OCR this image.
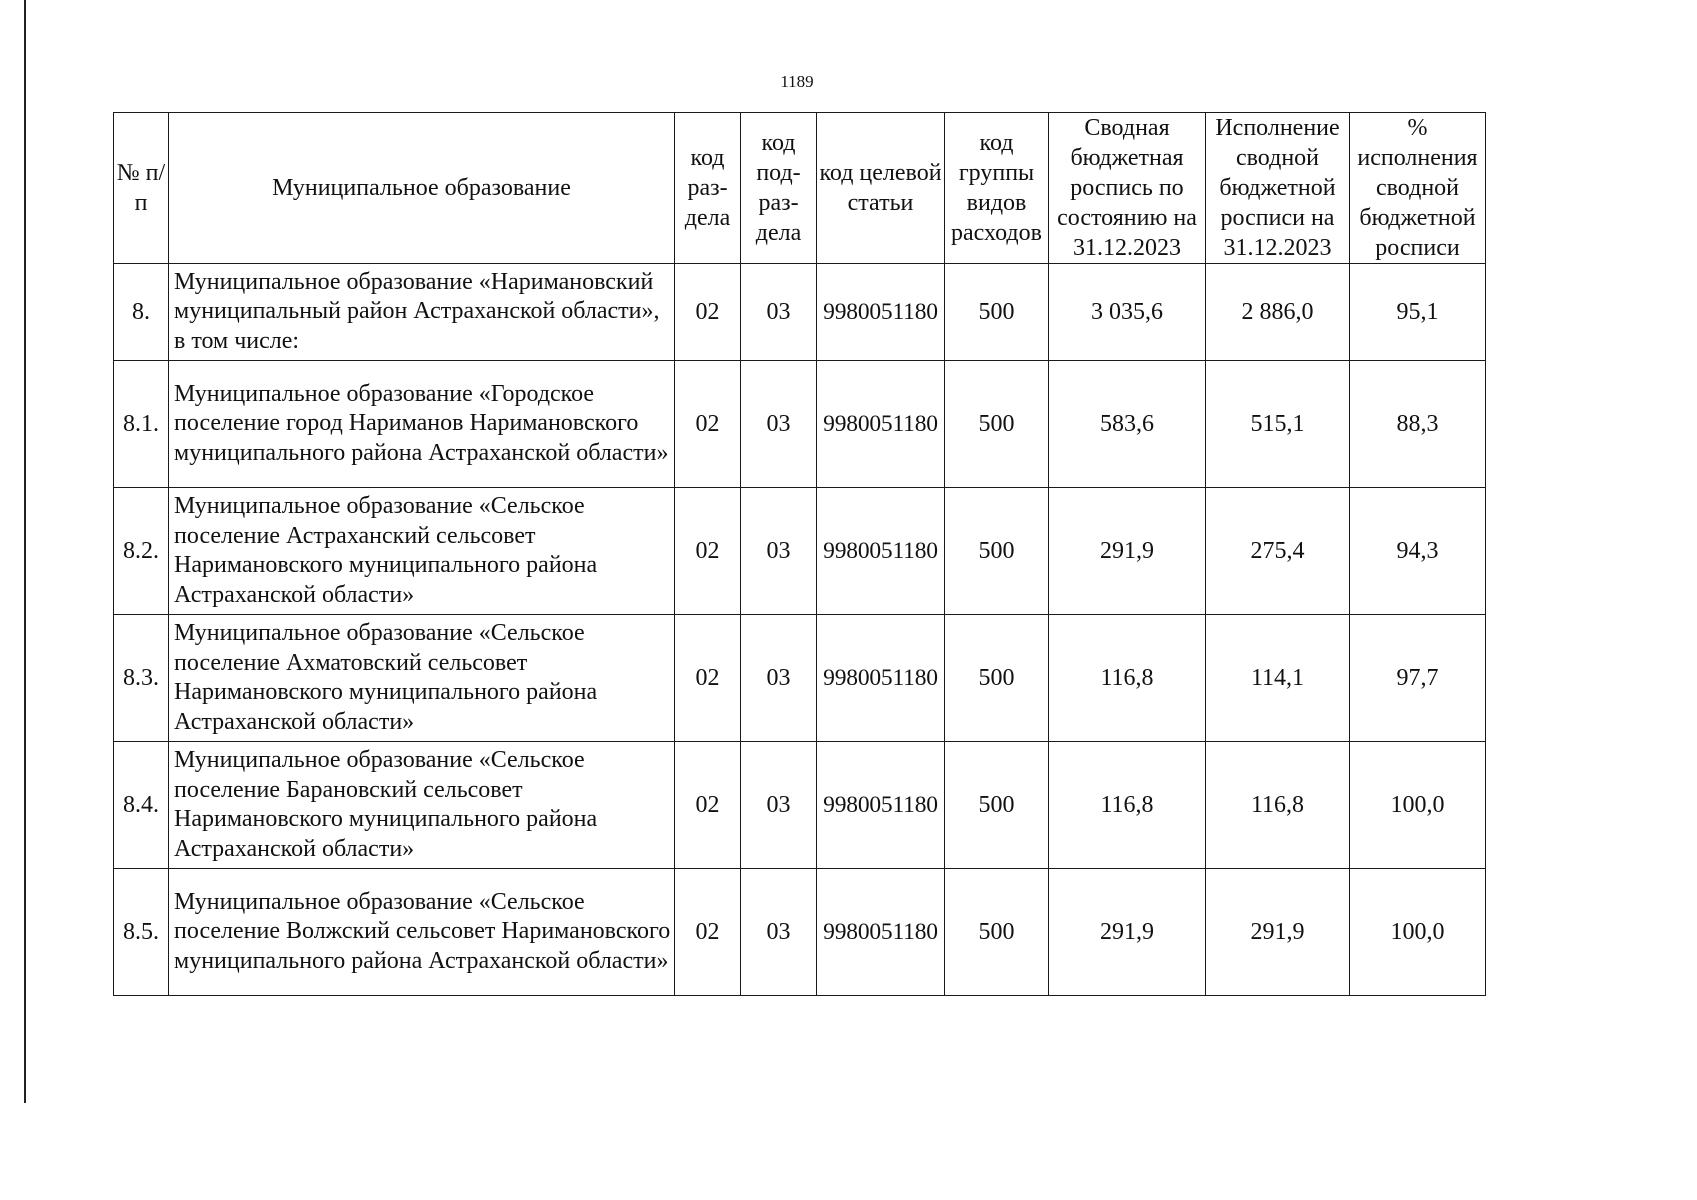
1189
№ п/п	Муниципальное образование	код раз-дела	код под-раз-дела	код целевой статьи	код группы видов расходов	Сводная бюджетная роспись по состоянию на 31.12.2023	Исполнение сводной бюджетной росписи на 31.12.2023	% исполнения сводной бюджетной росписи
8.	Муниципальное образование «Наримановский муниципальный район Астраханской области», в том числе:	02	03	9980051180	500	3 035,6	2 886,0	95,1
8.1.	Муниципальное образование «Городское поселение город Нариманов Наримановского муниципального района Астраханской области»	02	03	9980051180	500	583,6	515,1	88,3
8.2.	Муниципальное образование «Сельское поселение Астраханский сельсовет Наримановского муниципального района Астраханской области»	02	03	9980051180	500	291,9	275,4	94,3
8.3.	Муниципальное образование «Сельское поселение Ахматовский сельсовет Наримановского муниципального района Астраханской области»	02	03	9980051180	500	116,8	114,1	97,7
8.4.	Муниципальное образование «Сельское поселение Барановский сельсовет Наримановского муниципального района Астраханской области»	02	03	9980051180	500	116,8	116,8	100,0
8.5.	Муниципальное образование «Сельское поселение Волжский сельсовет Наримановского муниципального района Астраханской области»	02	03	9980051180	500	291,9	291,9	100,0
